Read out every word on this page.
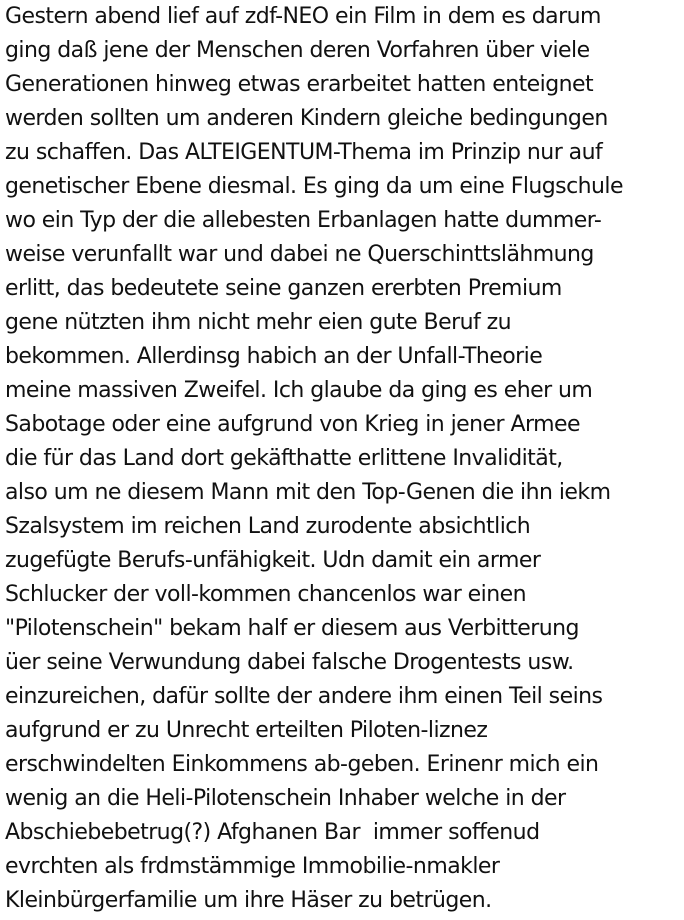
Gestern abend lief auf zdf-NEO ein Film in dem es darum
ging daß jene der Menschen deren Vorfahren über viele
Generationen hinweg etwas erarbeitet hatten enteignet
werden sollten um anderen Kindern gleiche bedingungen
zu schaffen. Das ALTEIGENTUM-Thema im Prinzip nur auf
genetischer Ebene diesmal. Es ging da um eine Flugschule
wo ein Typ der die allebesten Erbanlagen hatte dummer-
weise verunfallt war und dabei ne Querschinttslähmung
erlitt, das bedeutete seine ganzen ererbten Premium
gene nützten ihm nicht mehr eien gute Beruf zu
bekommen. Allerdinsg habich an der Unfall-Theorie
meine massiven Zweifel. Ich glaube da ging es eher um
Sabotage oder eine aufgrund von Krieg in jener Armee
die für das Land dort gekäfthatte erlittene Invalidität,
also um ne diesem Mann mit den Top-Genen die ihn iekm
Szalsystem im reichen Land zurodente absichtlich
zugefügte Berufs-unfähigkeit. Udn damit ein armer
Schlucker der voll-kommen chancenlos war einen
"Pilotenschein" bekam half er diesem aus Verbitterung
üer seine Verwundung dabei falsche Drogentests usw.
einzureichen, dafür sollte der andere ihm einen Teil seins
aufgrund er zu Unrecht erteilten Piloten-liznez
erschwindelten Einkommens ab-geben. Erinenr mich ein
wenig an die Heli-Pilotenschein Inhaber welche in der
Abschiebebetrug(?) Afghanen Bar  immer soffenud
evrchten als frdmstämmige Immobilie-nmakler
Kleinbürgerfamilie um ihre Häser zu betrügen.
